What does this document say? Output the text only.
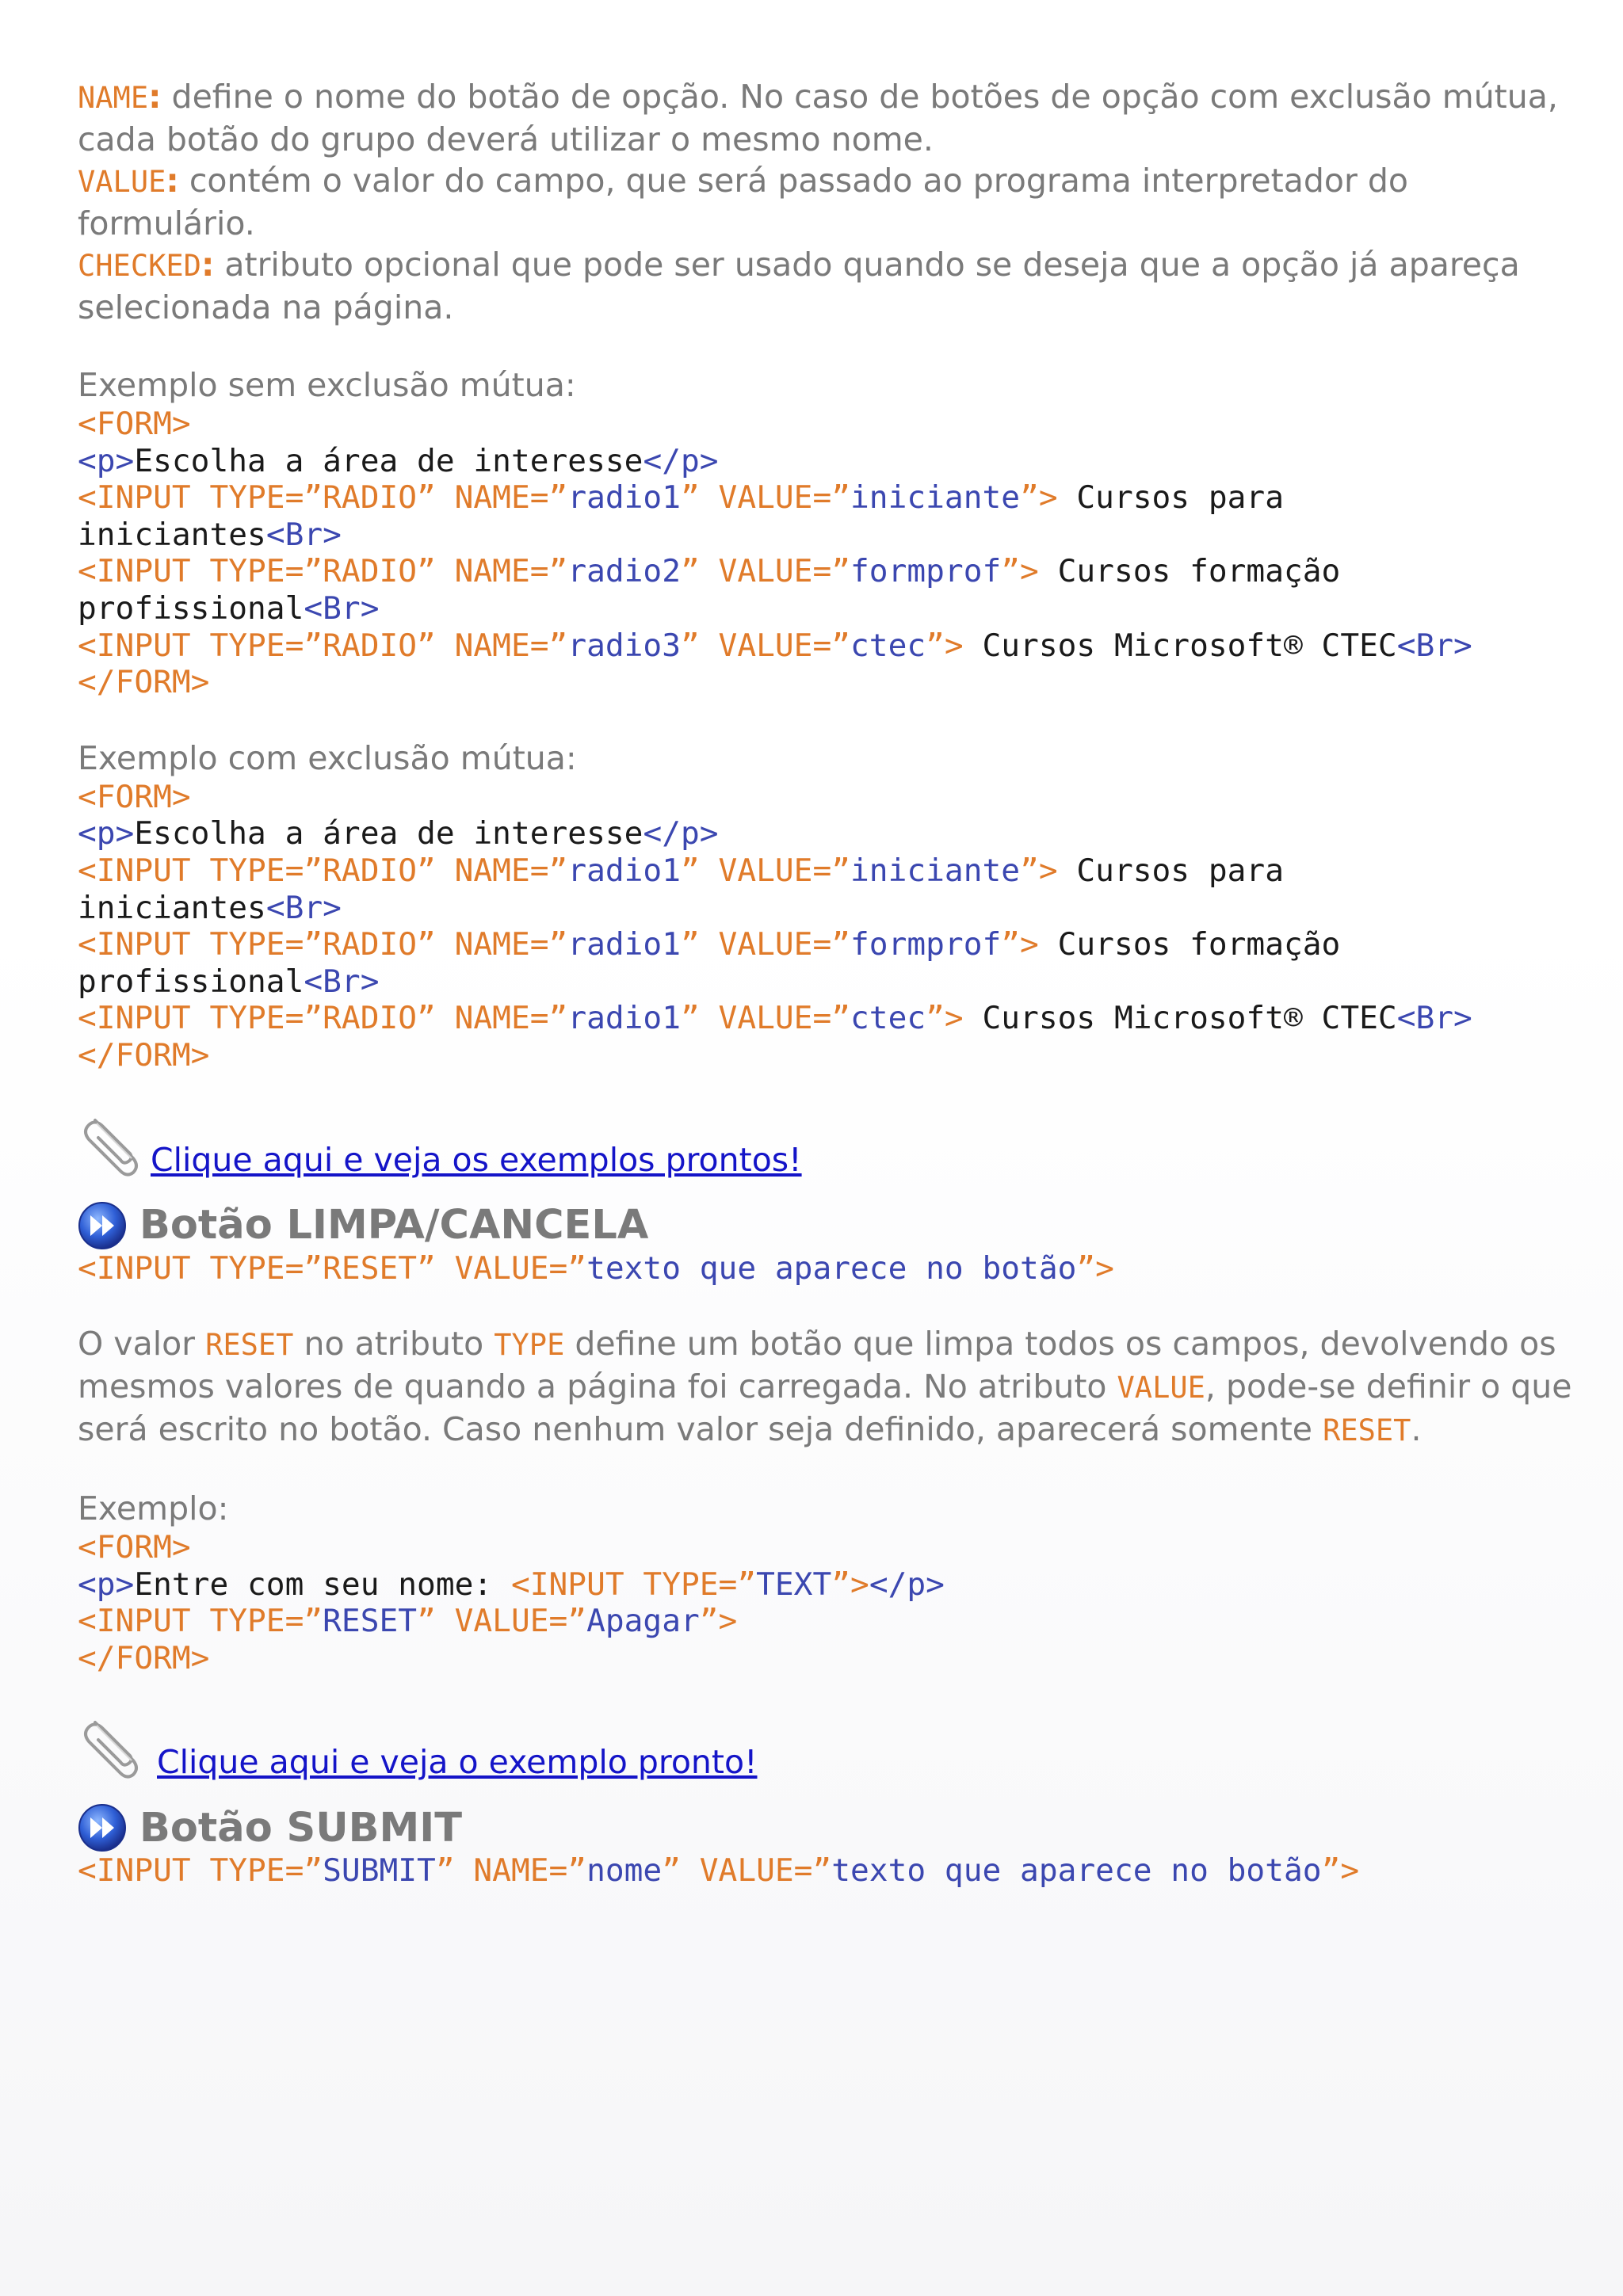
NAME: define o nome do botão de opção. No caso de botões de opção com exclusão mútua, cada botão do grupo deverá utilizar o mesmo nome.
VALUE: contém o valor do campo, que será passado ao programa interpretador do formulário.
CHECKED: atributo opcional que pode ser usado quando se deseja que a opção já apareça selecionada na página.

Exemplo sem exclusão mútua:

<FORM>
<p>Escolha a área de interesse</p>
<INPUT TYPE=”RADIO” NAME=”radio1” VALUE=”iniciante”> Cursos para
iniciantes<Br>
<INPUT TYPE=”RADIO” NAME=”radio2” VALUE=”formprof”> Cursos formação
profissional<Br>
<INPUT TYPE=”RADIO” NAME=”radio3” VALUE=”ctec”> Cursos Microsoft® CTEC<Br>
</FORM>

Exemplo com exclusão mútua:

<FORM>
<p>Escolha a área de interesse</p>
<INPUT TYPE=”RADIO” NAME=”radio1” VALUE=”iniciante”> Cursos para
iniciantes<Br>
<INPUT TYPE=”RADIO” NAME=”radio1” VALUE=”formprof”> Cursos formação
profissional<Br>
<INPUT TYPE=”RADIO” NAME=”radio1” VALUE=”ctec”> Cursos Microsoft® CTEC<Br>
</FORM>
Clique aqui e veja os exemplos prontos!
Botão LIMPA/CANCELA
<INPUT TYPE=”RESET” VALUE=”texto que aparece no botão”>

O valor RESET no atributo TYPE define um botão que limpa todos os campos, devolvendo os mesmos valores de quando a página foi carregada. No atributo VALUE, pode-se definir o que será escrito no botão. Caso nenhum valor seja definido, aparecerá somente RESET.

Exemplo:

<FORM>
<p>Entre com seu nome: <INPUT TYPE=”TEXT”></p>
<INPUT TYPE=”RESET” VALUE=”Apagar”>
</FORM>
Clique aqui e veja o exemplo pronto!
Botão SUBMIT
<INPUT TYPE=”SUBMIT” NAME=”nome” VALUE=”texto que aparece no botão”>
